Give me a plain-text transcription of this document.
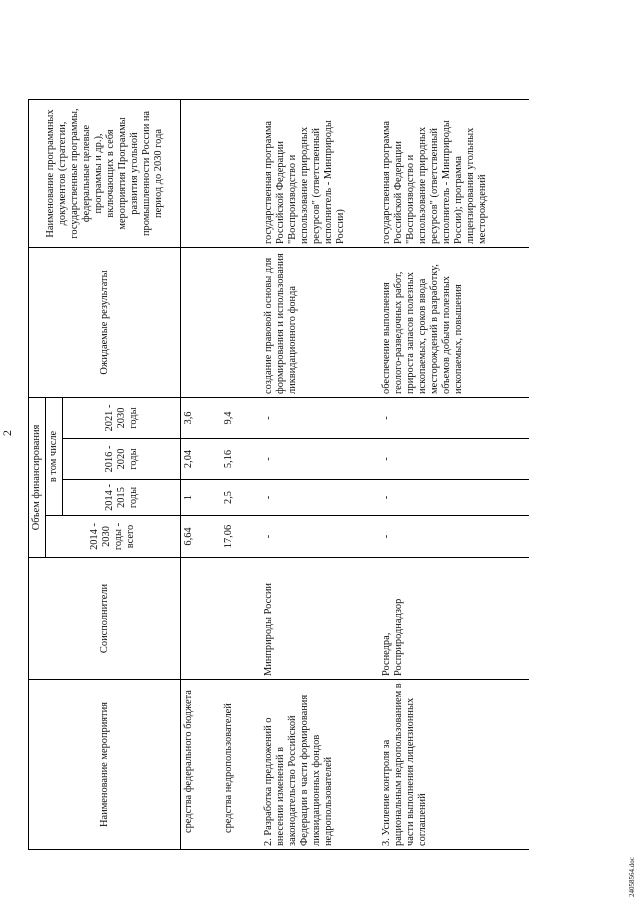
2
Наименование мероприятия	Соисполнители	Объем финансирования				Ожидаемые результаты	Наименование программных документов (стратегии, государственные программы, федеральные целевые программы и др.), включающих в себя мероприятия Программы развития угольной промышленности России на период до 2030 года
		2014 - 2030 годы - всего	в том числе				
			2014 - 2015 годы	2016 - 2020 годы	2021 - 2030 годы		
средства федерального бюджета		6,64	1	2,04	3,6		
средства недропользователей		17,06	2,5	5,16	9,4		
2. Разработка предложений о внесении изменений в законодательство Российской Федерации в части формирования ликвидационных фондов недропользователей	Минприроды России	-	-	-	-	создание правовой основы для формирования и использования ликвидационного фонда	государственная программа Российской Федерации "Воспроизводство и использование природных ресурсов" (ответственный исполнитель - Минприроды России)
3. Усиление контроля за рациональным недропользованием в части выполнения лицензионных соглашений	Роснедра, Росприроднадзор	-	-	-	-	обеспечение выполнения геолого-разведочных работ, прироста запасов полезных ископаемых, сроков ввода месторождений в разработку, объемов добычи полезных ископаемых, повышения	государственная программа Российской Федерации "Воспроизводство и использование природных ресурсов" (ответственный исполнитель - Минприроды России); программа лицензирования угольных месторождений
24058564.doc
